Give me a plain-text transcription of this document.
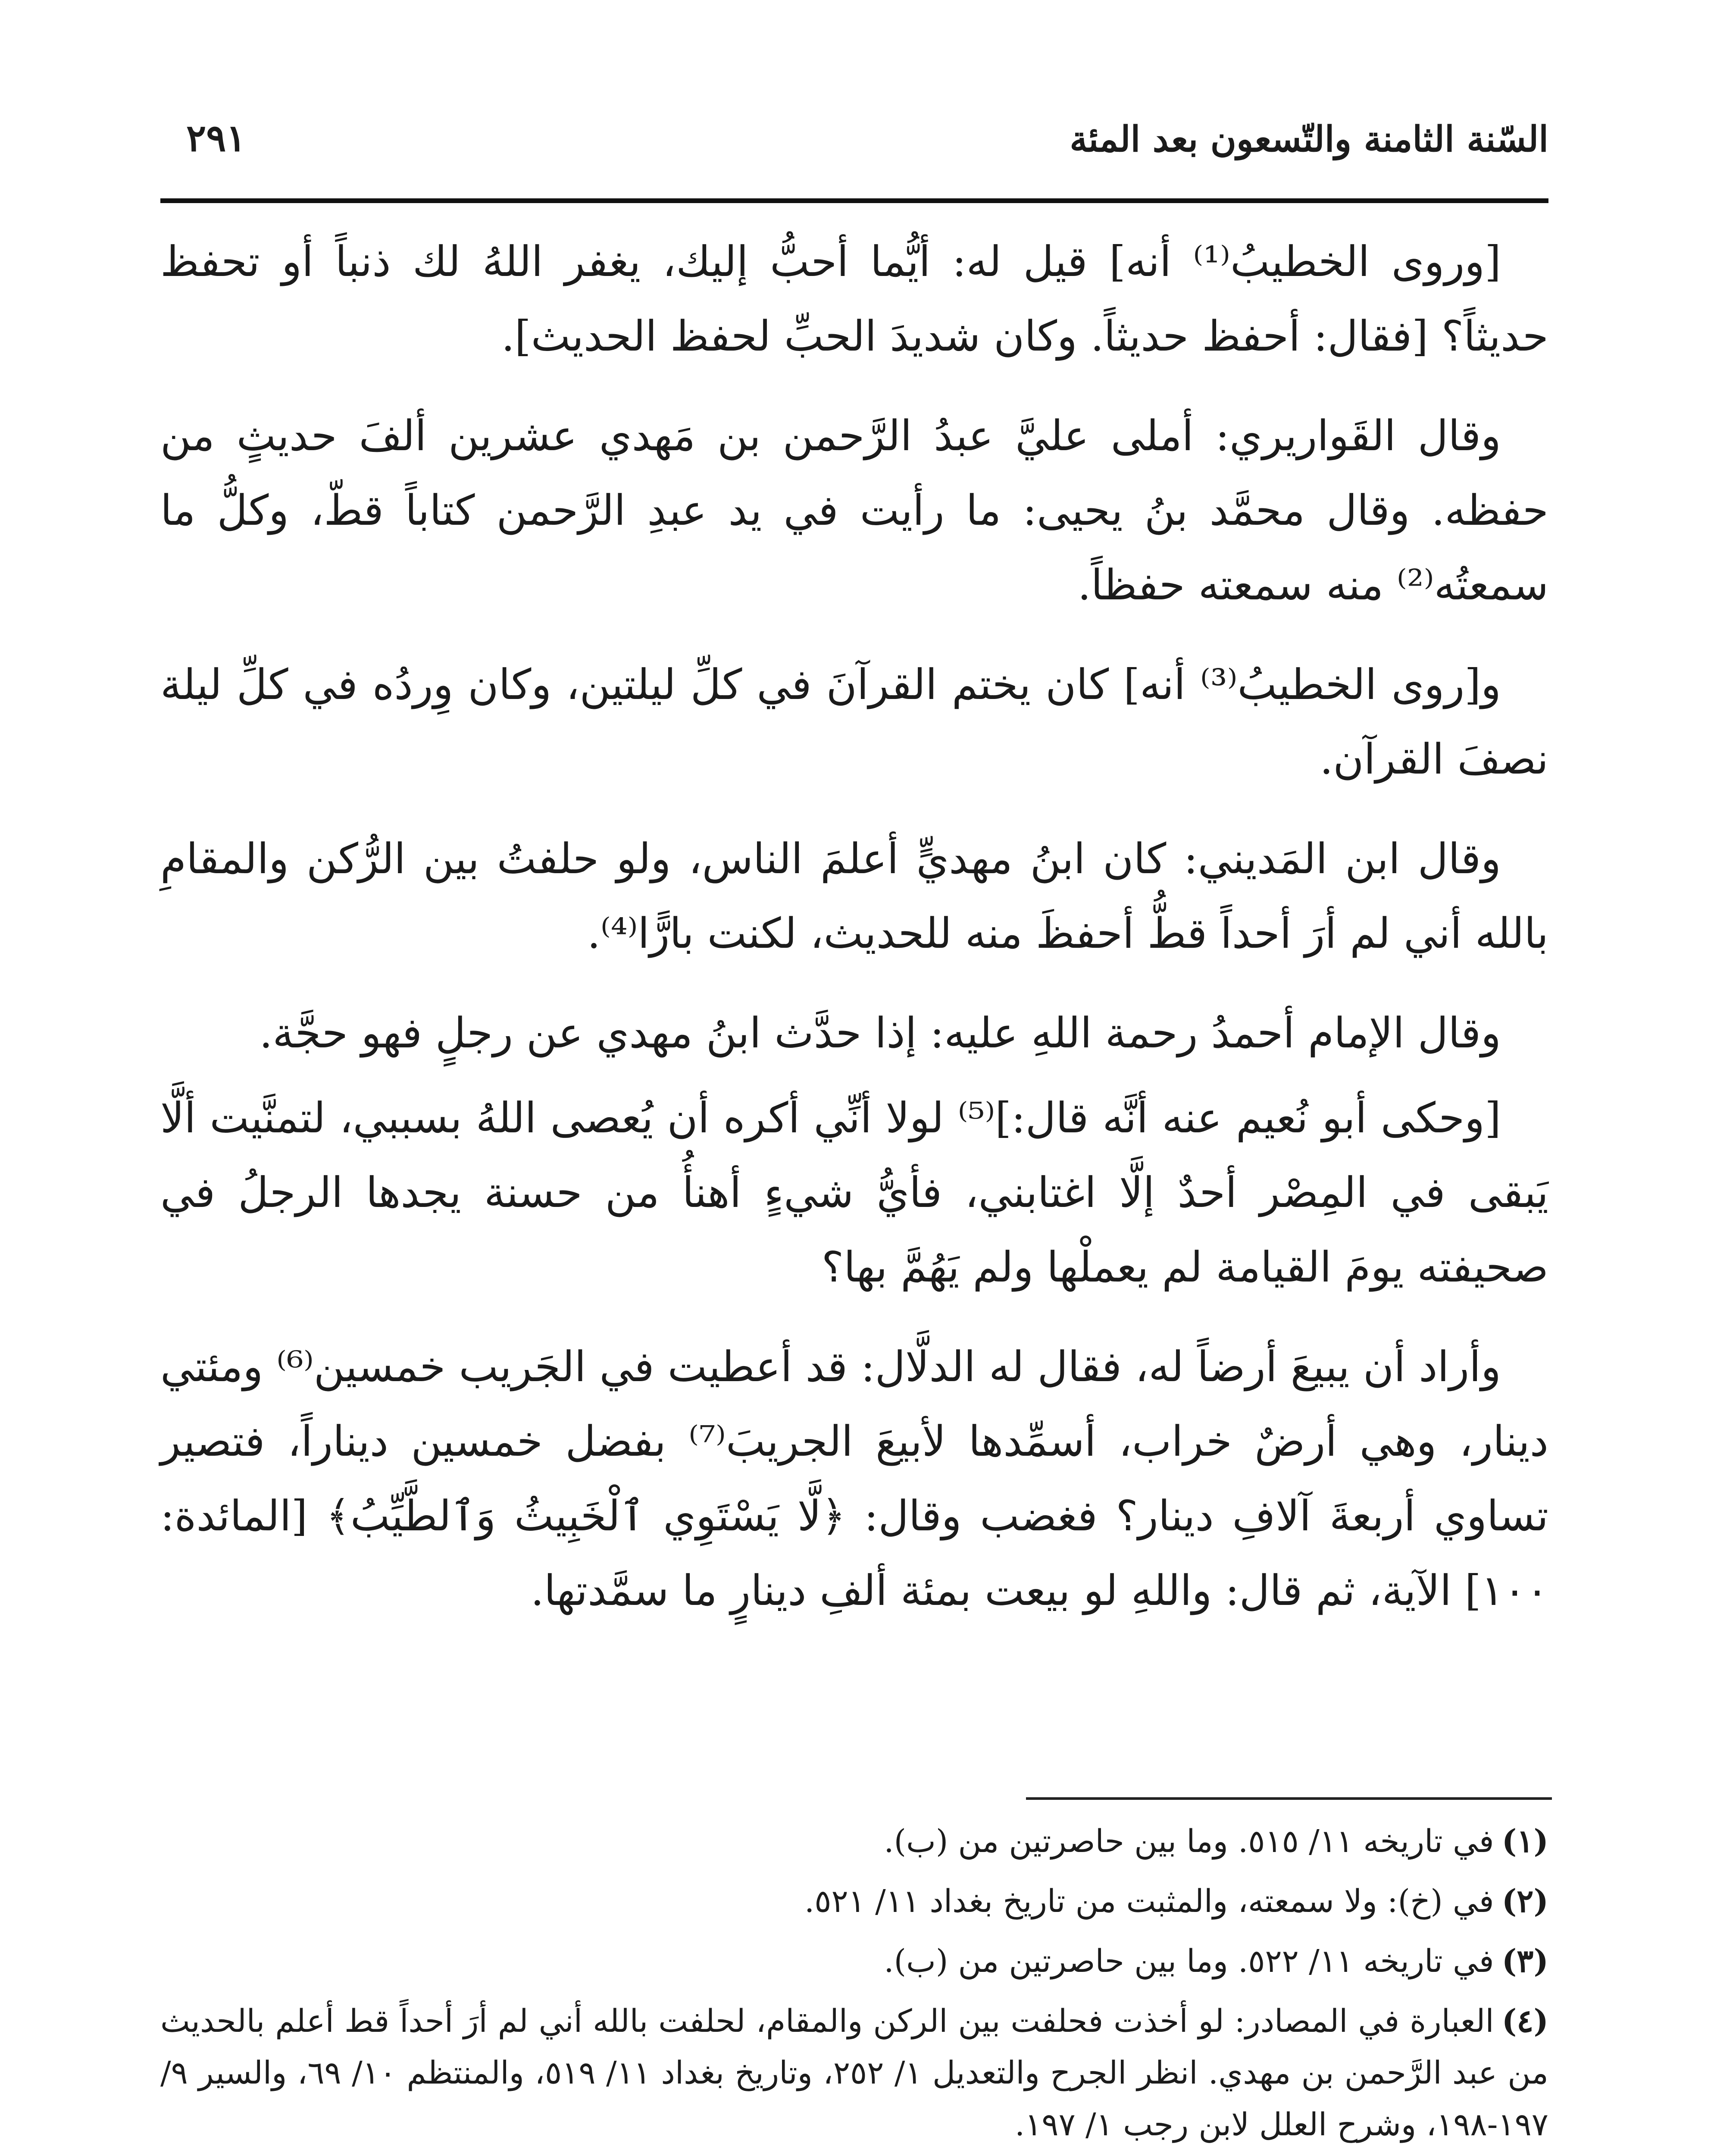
السّنة الثامنة والتّسعون بعد المئة
٢٩١

[وروى الخطيبُ⁽¹⁾ أنه] قيل له: أيُّما أحبُّ إليك، يغفر اللهُ لك ذنباً أو تحفظ حديثاً؟ [فقال: أحفظ حديثاً. وكان شديدَ الحبِّ لحفظ الحديث].

وقال القَواريري: أملى عليَّ عبدُ الرَّحمن بن مَهدي عشرين ألفَ حديثٍ من حفظه. وقال محمَّد بنُ يحيى: ما رأيت في يد عبدِ الرَّحمن كتاباً قطّ، وكلُّ ما سمعتُه⁽²⁾ منه سمعته حفظاً.

و[روى الخطيبُ⁽³⁾ أنه] كان يختم القرآنَ في كلِّ ليلتين، وكان وِردُه في كلِّ ليلة نصفَ القرآن.

وقال ابن المَديني: كان ابنُ مهديٍّ أعلمَ الناس، ولو حلفتُ بين الرُّكن والمقامِ بالله أني لم أرَ أحداً قطُّ أحفظَ منه للحديث، لكنت بارًّا⁽⁴⁾.

وقال الإمام أحمدُ رحمة اللهِ عليه: إذا حدَّث ابنُ مهدي عن رجلٍ فهو حجَّة.

[وحكى أبو نُعيم عنه أنَّه قال:]⁽⁵⁾ لولا أنِّي أكره أن يُعصى اللهُ بسببي، لتمنَّيت ألَّا يَبقى في المِصْر أحدٌ إلَّا اغتابني، فأيُّ شيءٍ أهنأُ من حسنة يجدها الرجلُ في صحيفته يومَ القيامة لم يعملْها ولم يَهُمَّ بها؟

وأراد أن يبيعَ أرضاً له، فقال له الدلَّال: قد أعطيت في الجَريب خمسين⁽⁶⁾ ومئتي دينار، وهي أرضٌ خراب، أسمِّدها لأبيعَ الجريبَ⁽⁷⁾ بفضل خمسين ديناراً، فتصير تساوي أربعةَ آلافِ دينار؟ فغضب وقال: ﴿لَّا يَسْتَوِي ٱلْخَبِيثُ وَٱلطَّيِّبُ﴾ [المائدة: ١٠٠] الآية، ثم قال: واللهِ لو بيعت بمئة ألفِ دينارٍ ما سمَّدتها.

(١)في تاريخه ١١/ ٥١٥. وما بين حاصرتين من (ب).
(٢)في (خ): ولا سمعته، والمثبت من تاريخ بغداد ١١/ ٥٢١.
(٣)في تاريخه ١١/ ٥٢٢. وما بين حاصرتين من (ب).
(٤)العبارة في المصادر: لو أخذت فحلفت بين الركن والمقام، لحلفت بالله أني لم أرَ أحداً قط أعلم بالحديث من عبد الرَّحمن بن مهدي. انظر الجرح والتعديل ١/ ٢٥٢، وتاريخ بغداد ١١/ ٥١٩، والمنتظم ١٠/ ٦٩، والسير ٩/ ١٩٧-١٩٨، وشرح العلل لابن رجب ١/ ١٩٧.
